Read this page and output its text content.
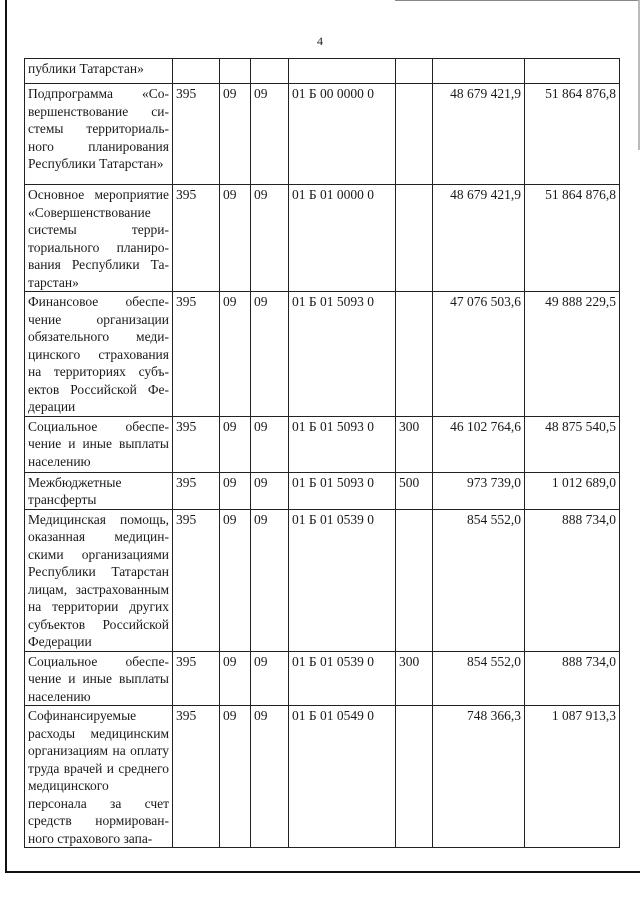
4
публики Татарстан»							
Подпрограмма «Совершенствование системы территориального планирования Республики Татарстан»	395	09	09	01 Б 00 0000 0		48 679 421,9	51 864 876,8
Основное мероприятие «Совершенствование системы территориального планирования Республики Татарстан»	395	09	09	01 Б 01 0000 0		48 679 421,9	51 864 876,8
Финансовое обеспечение организации обязательного медицинского страхования на территориях субъектов Российской Федерации	395	09	09	01 Б 01 5093 0		47 076 503,6	49 888 229,5
Социальное обеспечение и иные выплаты населению	395	09	09	01 Б 01 5093 0	300	46 102 764,6	48 875 540,5
Межбюджетные трансферты	395	09	09	01 Б 01 5093 0	500	973 739,0	1 012 689,0
Медицинская помощь, оказанная медицинскими организациями Республики Татарстан лицам, застрахованным на территории других субъектов Российской Федерации	395	09	09	01 Б 01 0539 0		854 552,0	888 734,0
Социальное обеспечение и иные выплаты населению	395	09	09	01 Б 01 0539 0	300	854 552,0	888 734,0
Софинансируемые расходы медицинским организациям на оплату труда врачей и среднего медицинского персонала за счет средств нормированного страхового запа-	395	09	09	01 Б 01 0549 0		748 366,3	1 087 913,3
